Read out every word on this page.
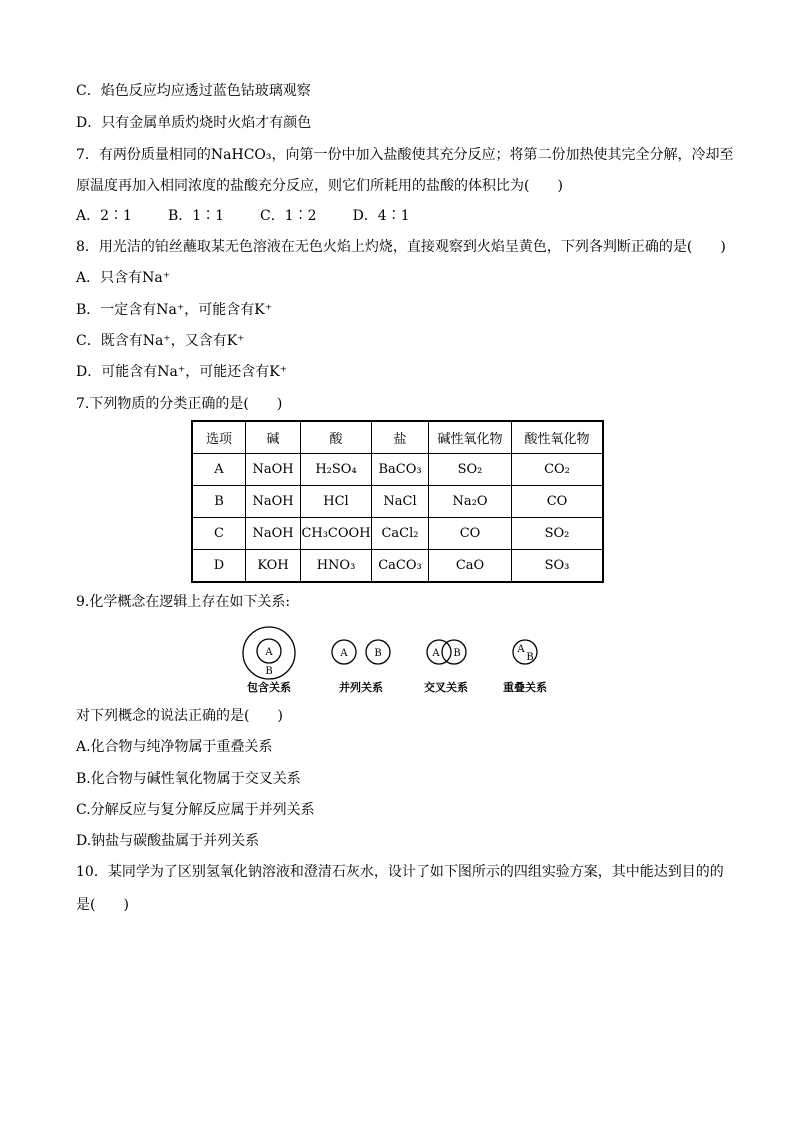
C．焰色反应均应透过蓝色钴玻璃观察
D．只有金属单质灼烧时火焰才有颜色
7．有两份质量相同的NaHCO₃，向第一份中加入盐酸使其充分反应；将第二份加热使其完全分解，冷却至
原温度再加入相同浓度的盐酸充分反应，则它们所耗用的盐酸的体积比为(　　)
A．2∶1	B．1∶1	C．1∶2	D．4∶1
8．用光洁的铂丝蘸取某无色溶液在无色火焰上灼烧，直接观察到火焰呈黄色，下列各判断正确的是(　　)
A．只含有Na⁺
B．一定含有Na⁺，可能含有K⁺
C．既含有Na⁺，又含有K⁺
D．可能含有Na⁺，可能还含有K⁺
7.下列物质的分类正确的是(　　)
选项	碱	酸	盐	碱性氧化物	酸性氧化物
A	NaOH	H₂SO₄	BaCO₃	SO₂	CO₂
B	NaOH	HCl	NaCl	Na₂O	CO
C	NaOH	CH₃COOH	CaCl₂	CO	SO₂
D	KOH	HNO₃	CaCO₃	CaO	SO₃
9.化学概念在逻辑上存在如下关系:
A
B
A	B	A B	A
B
包含关系	并列关系	交叉关系	重叠关系
对下列概念的说法正确的是(　　)
A.化合物与纯净物属于重叠关系
B.化合物与碱性氧化物属于交叉关系
C.分解反应与复分解反应属于并列关系
D.钠盐与碳酸盐属于并列关系
10．某同学为了区别氢氧化钠溶液和澄清石灰水，设计了如下图所示的四组实验方案，其中能达到目的的
是(　　)
